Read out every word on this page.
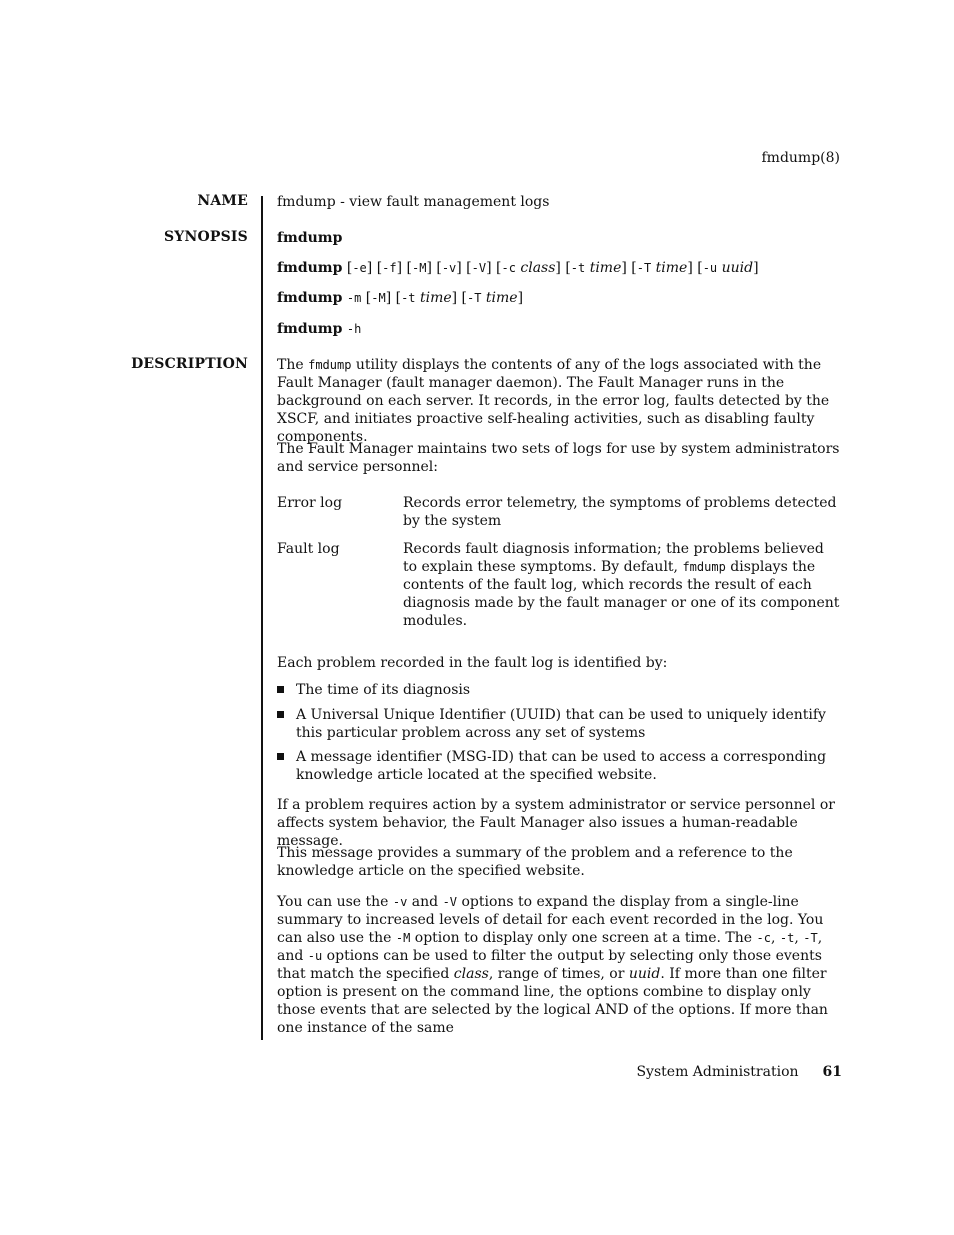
fmdump(8)
NAME fmdump - view fault management logs
SYNOPSIS fmdump
fmdump [-e] [-f] [-M] [-v] [-V] [-c class] [-t time] [-T time] [-u uuid]
fmdump -m [-M] [-t time] [-T time]
fmdump -h
DESCRIPTION The fmdump utility displays the contents of any of the logs associated with the Fault Manager (fault manager daemon). The Fault Manager runs in the background on each server. It records, in the error log, faults detected by the XSCF, and initiates proactive self-healing activities, such as disabling faulty components.

The Fault Manager maintains two sets of logs for use by system administrators and service personnel:
Error log	Records error telemetry, the symptoms of problems detected by the system
Fault log	Records fault diagnosis information; the problems believed to explain these symptoms. By default, fmdump displays the contents of the fault log, which records the result of each diagnosis made by the fault manager or one of its component modules.
Each problem recorded in the fault log is identified by:
The time of its diagnosis
A Universal Unique Identifier (UUID) that can be used to uniquely identify this particular problem across any set of systems
A message identifier (MSG-ID) that can be used to access a corresponding knowledge article located at the specified website.
If a problem requires action by a system administrator or service personnel or affects system behavior, the Fault Manager also issues a human-readable message.
This message provides a summary of the problem and a reference to the knowledge article on the specified website.

You can use the -v and -V options to expand the display from a single-line summary to increased levels of detail for each event recorded in the log. You can also use the -M option to display only one screen at a time. The -c, -t, -T, and -u options can be used to filter the output by selecting only those events that match the specified class, range of times, or uuid. If more than one filter option is present on the command line, the options combine to display only those events that are selected by the logical AND of the options. If more than one instance of the same

System Administration 61
